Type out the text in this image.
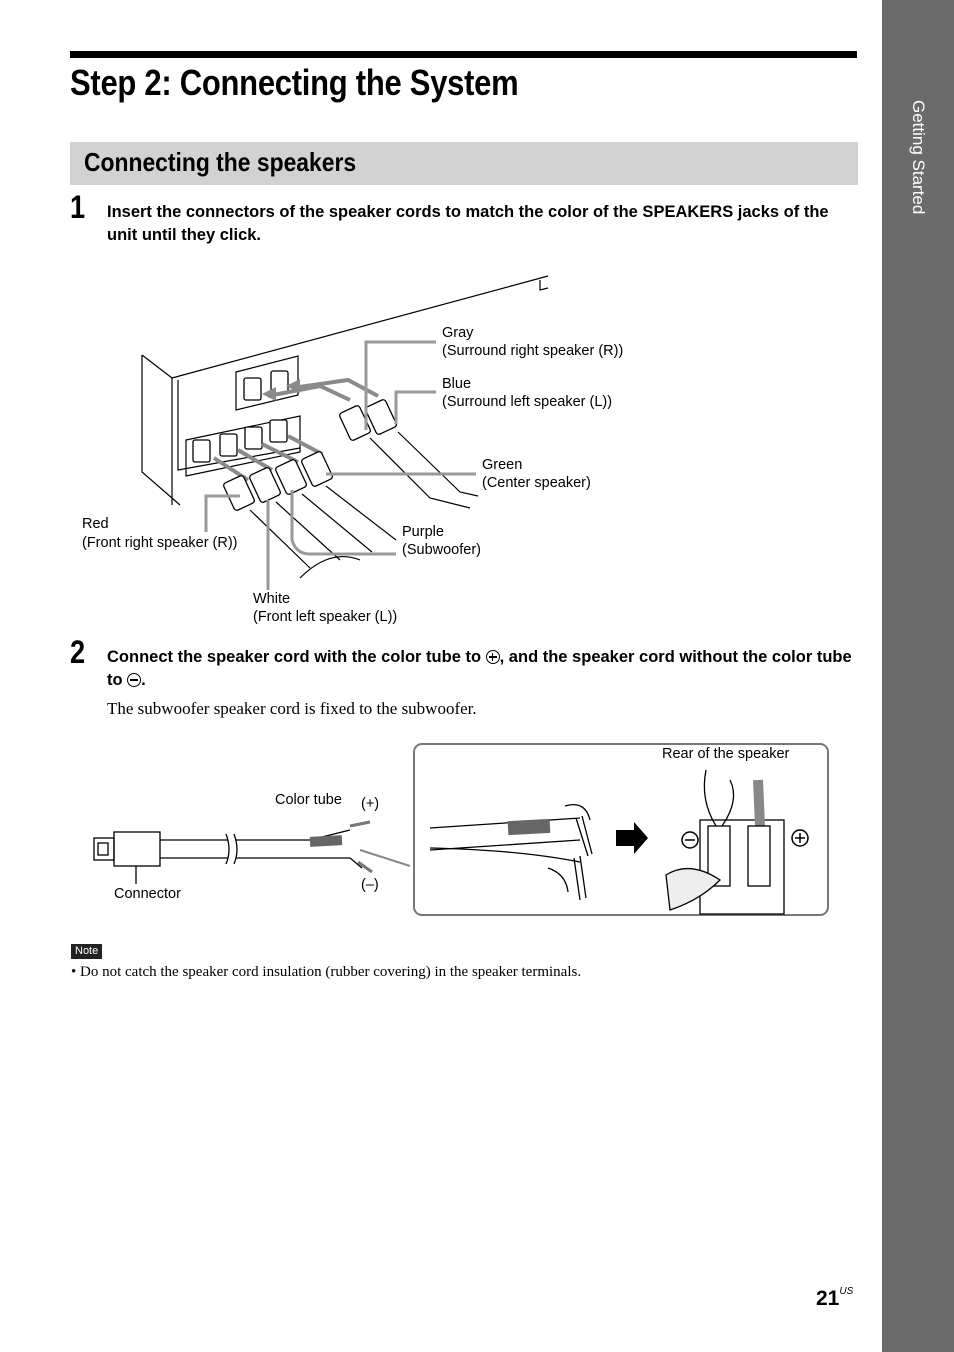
Getting Started
Step 2: Connecting the System
Connecting the speakers
1 Insert the connectors of the speaker cords to match the color of the SPEAKERS jacks of the unit until they click.
Gray
(Surround right speaker (R))
Blue
(Surround left speaker (L))
Green
(Center speaker)
Red
(Front right speaker (R))
Purple
(Subwoofer)
White
(Front left speaker (L))
2 Connect the speaker cord with the color tube to , and the speaker cord without the color tube to .
The subwoofer speaker cord is fixed to the subwoofer.
Color tube (+)
(–)
Connector
Rear of the speaker
Note
• Do not catch the speaker cord insulation (rubber covering) in the speaker terminals.
$21^{US}$
